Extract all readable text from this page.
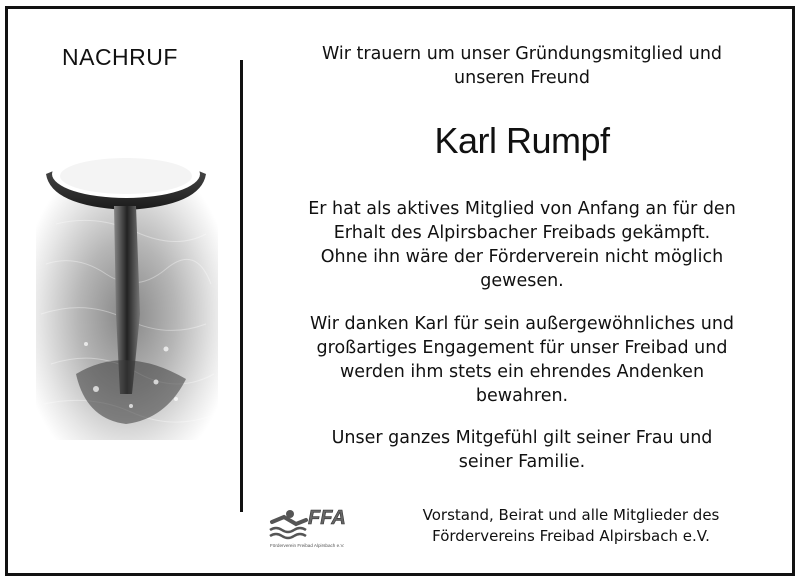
NACHRUF	Wir trauern um unser Gründungsmitglied und
unseren Freund
Karl Rumpf
Er hat als aktives Mitglied von Anfang an für den
Erhalt des Alpirsbacher Freibads gekämpft.
Ohne ihn wäre der Förderverein nicht möglich
gewesen.
Wir danken Karl für sein außergewöhnliches und
großartiges Engagement für unser Freibad und
werden ihm stets ein ehrendes Andenken
bewahren.
Unser ganzes Mitgefühl gilt seiner Frau und
seiner Familie.
FFA
Förderverein Freibad Alpirsbach e.V.
Vorstand, Beirat und alle Mitglieder des
Fördervereins Freibad Alpirsbach e.V.
